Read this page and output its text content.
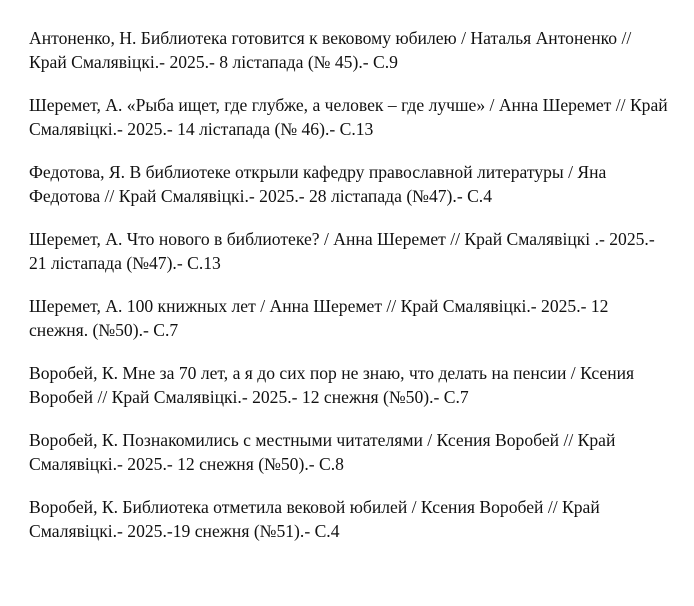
Антоненко, Н. Библиотека готовится к вековому юбилею / Наталья Антоненко // Край Смалявіцкі.- 2025.- 8 лістапада (№ 45).- С.9

Шеремет, А. «Рыба ищет, где глубже, а человек – где лучше» / Анна Шеремет // Край Смалявіцкі.- 2025.- 14 лістапада (№ 46).- С.13

Федотова, Я. В библиотеке открыли кафедру православной литературы / Яна Федотова // Край Смалявіцкі.- 2025.- 28 лістапада (№47).- С.4

Шеремет, А. Что нового в библиотеке? / Анна Шеремет // Край Смалявіцкі .- 2025.- 21 лістапада (№47).- С.13

Шеремет, А. 100 книжных лет / Анна Шеремет // Край Смалявіцкі.- 2025.- 12 снежня. (№50).- С.7

Воробей, К. Мне за 70 лет, а я до сих пор не знаю, что делать на пенсии / Ксения Воробей // Край Смалявіцкі.- 2025.- 12 снежня (№50).- С.7

Воробей, К. Познакомились с местными читателями / Ксения Воробей // Край Смалявіцкі.- 2025.- 12 снежня (№50).- С.8

Воробей, К. Библиотека отметила вековой юбилей / Ксения Воробей // Край Смалявіцкі.- 2025.-19 снежня (№51).- С.4
